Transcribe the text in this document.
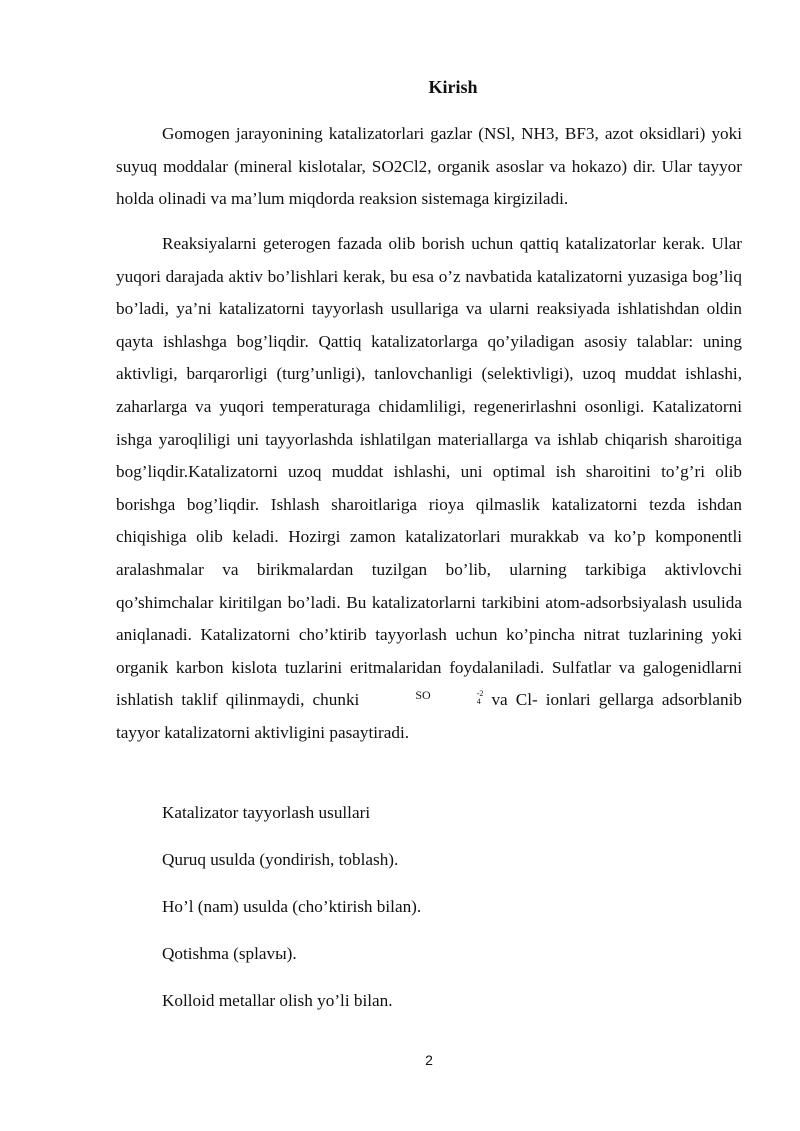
Kirish

Gomogen jarayonining katalizatorlari gazlar (NSl, NH3, BF3, azot oksidlari) yoki suyuq moddalar (mineral kislotalar, SO2Cl2, organik asoslar va hokazo) dir. Ular tayyor holda olinadi va ma’lum miqdorda reaksion sistemaga kirgiziladi.

Reaksiyalarni geterogen fazada olib borish uchun qattiq katalizatorlar kerak. Ular yuqori darajada aktiv bo’lishlari kerak, bu esa o’z navbatida katalizatorni yuzasiga bog’liq bo’ladi, ya’ni katalizatorni tayyorlash usullariga va ularni reaksiyada ishlatishdan oldin qayta ishlashga bog’liqdir. Qattiq katalizatorlarga qo’yiladigan asosiy talablar: uning aktivligi, barqarorligi (turg’unligi), tanlovchanligi (selektivligi), uzoq muddat ishlashi, zaharlarga va yuqori temperaturaga chidamliligi, regenerirlashni osonligi. Katalizatorni ishga yaroqliligi uni tayyorlashda ishlatilgan materiallarga va ishlab chiqarish sharoitiga bog’liqdir.Katalizatorni uzoq muddat ishlashi, uni optimal ish sharoitini to’g’ri olib borishga bog’liqdir. Ishlash sharoitlariga rioya qilmaslik katalizatorni tezda ishdan chiqishiga olib keladi. Hozirgi zamon katalizatorlari murakkab va ko’p komponentli aralashmalar va birikmalardan tuzilgan bo’lib, ularning tarkibiga aktivlovchi qo’shimchalar kiritilgan bo’ladi. Bu katalizatorlarni tarkibini atom-adsorbsiyalash usulida aniqlanadi. Katalizatorni cho’ktirib tayyorlash uchun ko’pincha nitrat tuzlarining yoki organik karbon kislota tuzlarini eritmalaridan foydalaniladi. Sulfatlar va galogenidlarni ishlatish taklif qilinmaydi, chunki	SO	-2
4 va Cl- ionlari gellarga adsorblanib tayyor katalizatorni aktivligini pasaytiradi.

Katalizator tayyorlash usullari

Quruq usulda (yondirish, toblash).

Ho’l (nam) usulda (cho’ktirish bilan).

Qotishma (splavы).

Kolloid metallar olish yo’li bilan.

2
